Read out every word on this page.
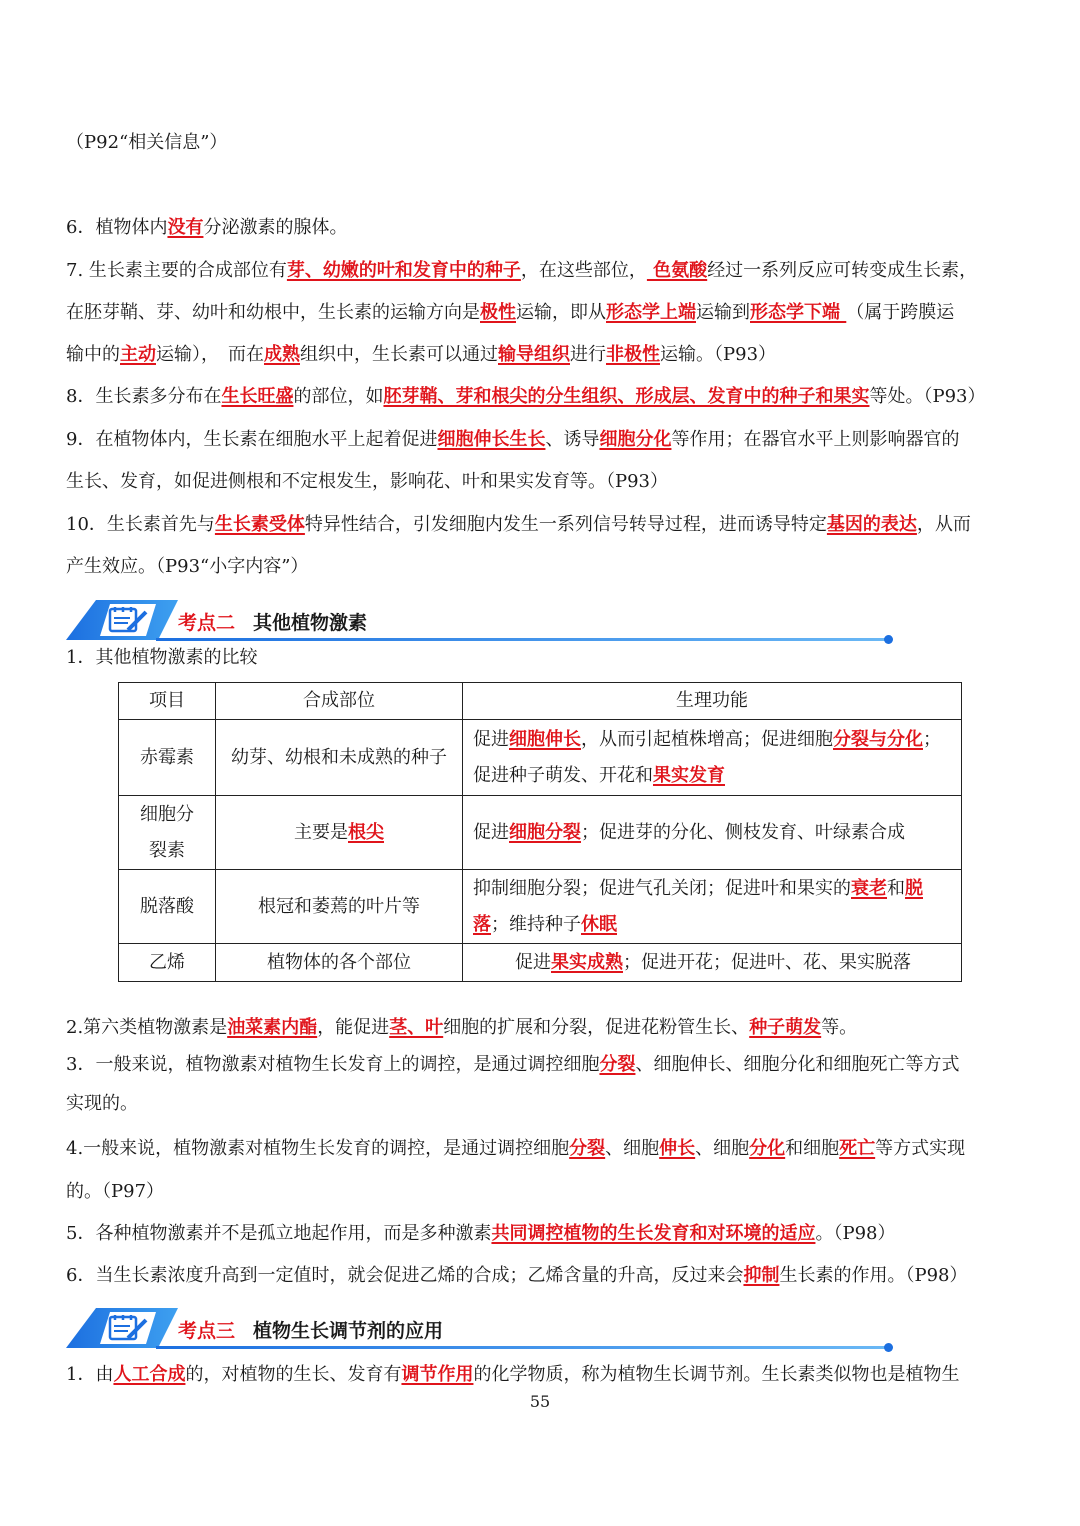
（P92“相关信息”）
6．植物体内没有分泌激素的腺体。
7. 生长素主要的合成部位有芽、幼嫩的叶和发育中的种子，在这些部位， 色氨酸经过一系列反应可转变成生长素，
在胚芽鞘、芽、幼叶和幼根中，生长素的运输方向是极性运输，即从形态学上端运输到形态学下端 （属于跨膜运
输中的主动运输），　而在成熟组织中，生长素可以通过输导组织进行非极性运输。（P93）
8．生长素多分布在生长旺盛的部位，如胚芽鞘、芽和根尖的分生组织、形成层、发育中的种子和果实等处。（P93）
9．在植物体内，生长素在细胞水平上起着促进细胞伸长生长、诱导细胞分化等作用；在器官水平上则影响器官的
生长、发育，如促进侧根和不定根发生，影响花、叶和果实发育等。（P93）
10．生长素首先与生长素受体特异性结合，引发细胞内发生一系列信号转导过程，进而诱导特定基因的表达，从而
产生效应。（P93“小字内容”）
考点二 其他植物激素
1．其他植物激素的比较
项目	合成部位	生理功能
赤霉素	幼芽、幼根和未成熟的种子	促进细胞伸长，从而引起植株增高；促进细胞分裂与分化；
促进种子萌发、开花和果实发育
细胞分
裂素	主要是根尖	促进细胞分裂；促进芽的分化、侧枝发育、叶绿素合成
脱落酸	根冠和萎蔫的叶片等	抑制细胞分裂；促进气孔关闭；促进叶和果实的衰老和脱
落；维持种子休眠
乙烯	植物体的各个部位	促进果实成熟；促进开花；促进叶、花、果实脱落
2.第六类植物激素是油菜素内酯，能促进茎、叶细胞的扩展和分裂，促进花粉管生长、种子萌发等。
3．一般来说，植物激素对植物生长发育上的调控，是通过调控细胞分裂、细胞伸长、细胞分化和细胞死亡等方式
实现的。
4.一般来说，植物激素对植物生长发育的调控，是通过调控细胞分裂、细胞伸长、细胞分化和细胞死亡等方式实现
的。（P97）
5．各种植物激素并不是孤立地起作用，而是多种激素共同调控植物的生长发育和对环境的适应。（P98）
6．当生长素浓度升高到一定值时，就会促进乙烯的合成；乙烯含量的升高，反过来会抑制生长素的作用。（P98）
考点三 植物生长调节剂的应用
1．由人工合成的，对植物的生长、发育有调节作用的化学物质，称为植物生长调节剂。生长素类似物也是植物生
55
